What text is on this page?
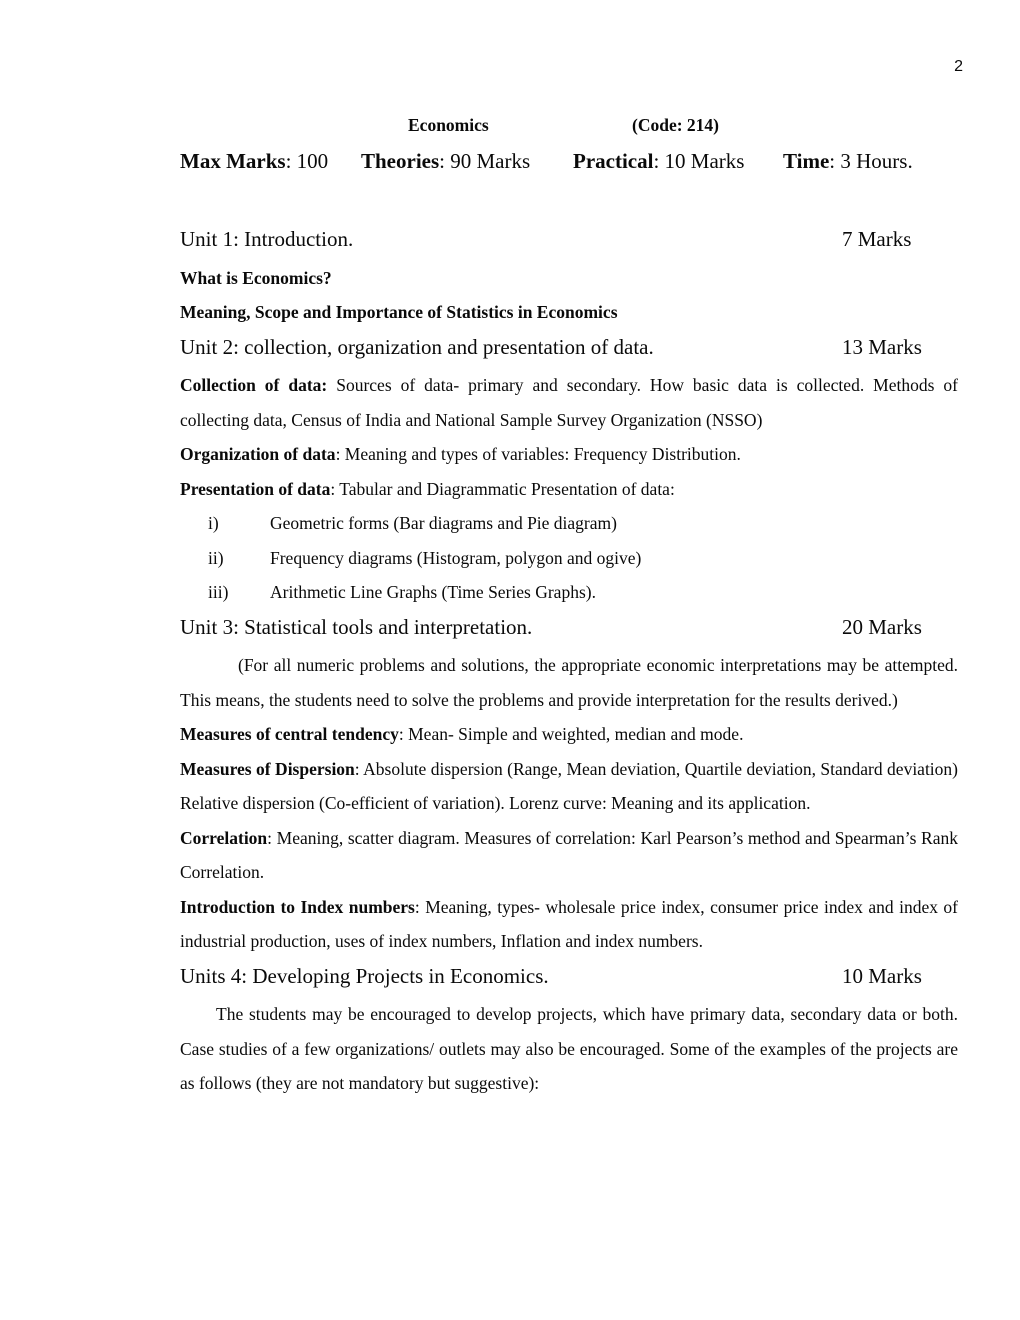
2
Economics	(Code: 214)
Max Marks: 100 Theories: 90 Marks Practical: 10 Marks Time: 3 Hours.
Unit 1: Introduction.	7 Marks

What is Economics?

Meaning, Scope and Importance of Statistics in Economics

Unit 2: collection, organization and presentation of data.	13 Marks

Collection of data: Sources of data- primary and secondary. How basic data is collected. Methods of collecting data, Census of India and National Sample Survey Organization (NSSO)

Organization of data: Meaning and types of variables: Frequency Distribution.

Presentation of data: Tabular and Diagrammatic Presentation of data:

i)	Geometric forms (Bar diagrams and Pie diagram)
ii)	Frequency diagrams (Histogram, polygon and ogive)
iii) Arithmetic Line Graphs (Time Series Graphs).
Unit 3: Statistical tools and interpretation.	20 Marks

(For all numeric problems and solutions, the appropriate economic interpretations may be attempted. This means, the students need to solve the problems and provide interpretation for the results derived.)

Measures of central tendency: Mean- Simple and weighted, median and mode.

Measures of Dispersion: Absolute dispersion (Range, Mean deviation, Quartile deviation, Standard deviation) Relative dispersion (Co-efficient of variation). Lorenz curve: Meaning and its application.

Correlation: Meaning, scatter diagram. Measures of correlation: Karl Pearson’s method and Spearman’s Rank Correlation.

Introduction to Index numbers: Meaning, types- wholesale price index, consumer price index and index of industrial production, uses of index numbers, Inflation and index numbers.

Units 4: Developing Projects in Economics.	10 Marks

The students may be encouraged to develop projects, which have primary data, secondary data or both. Case studies of a few organizations/ outlets may also be encouraged. Some of the examples of the projects are as follows (they are not mandatory but suggestive):
